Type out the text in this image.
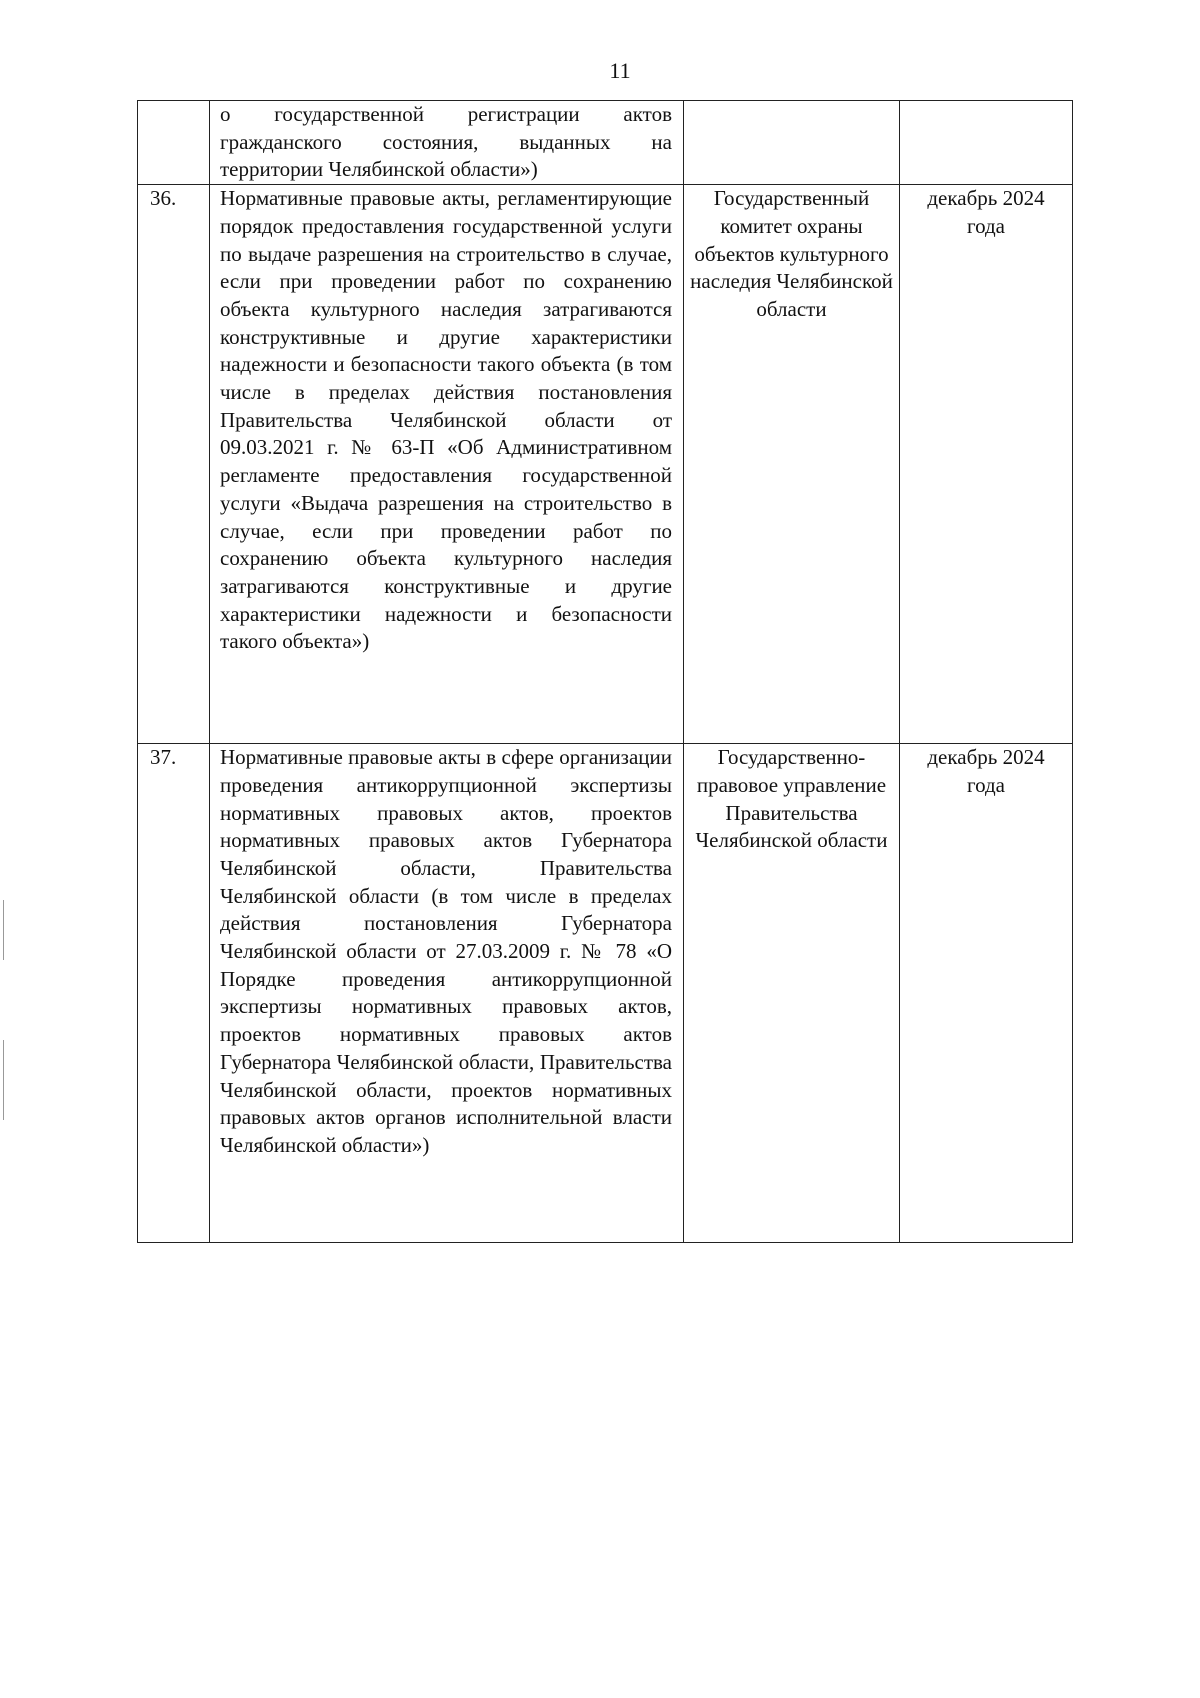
11

	о государственной регистрации актов гражданского состояния, выданных на территории Челябинской области»)		

36.	Нормативные правовые акты, регламентирующие порядок предоставления государственной услуги по выдаче разрешения на строительство в случае, если при проведении работ по сохранению объекта культурного наследия затрагиваются конструктивные и другие характеристики надежности и безопасности такого объекта (в том числе в пределах действия постановления Правительства Челябинской области от 09.03.2021 г. № 63-П «Об Административном регламенте предоставления государственной услуги «Выдача разрешения на строительство в случае, если при проведении работ по сохранению объекта культурного наследия затрагиваются конструктивные и другие характеристики надежности и безопасности такого объекта»)	Государственный комитет охраны объектов культурного наследия Челябинской области	декабрь 2024 года

37.	Нормативные правовые акты в сфере организации проведения антикоррупционной экспертизы нормативных правовых актов, проектов нормативных правовых актов Губернатора Челябинской области, Правительства Челябинской области (в том числе в пределах действия постановления Губернатора Челябинской области от 27.03.2009 г. № 78 «О Порядке проведения антикоррупционной экспертизы нормативных правовых актов, проектов нормативных правовых актов Губернатора Челябинской области, Правительства Челябинской области, проектов нормативных правовых актов органов исполнительной власти Челябинской области»)	Государственно-правовое управление Правительства Челябинской области	декабрь 2024 года
